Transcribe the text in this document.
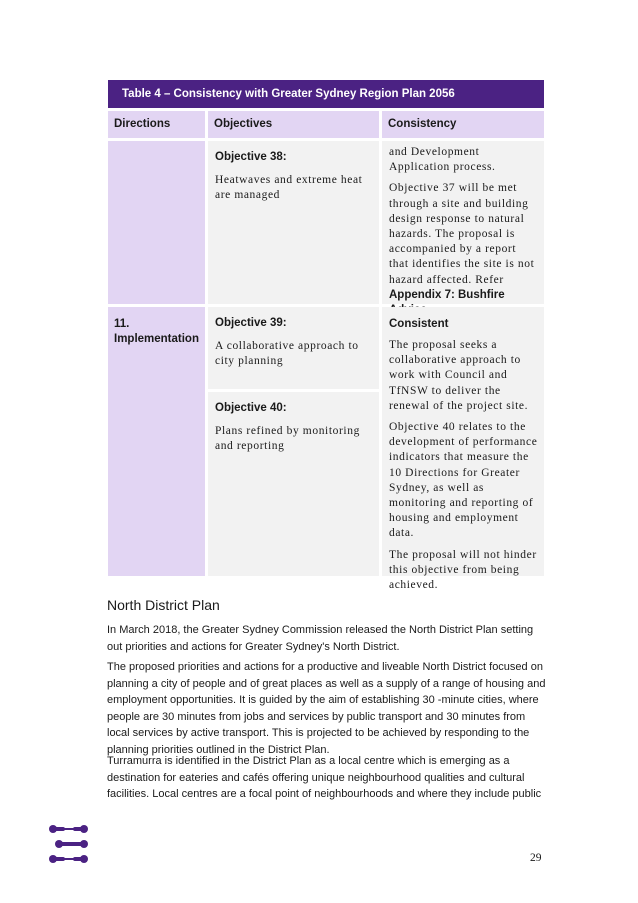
Table 4 – Consistency with Greater Sydney Region Plan 2056
Directions	Objectives	Consistency
Objective 38:
Heatwaves and extreme heat are managed

and Development Application process.

Objective 37 will be met through a site and building design response to natural hazards. The proposal is accompanied by a report that identifies the site is not hazard affected. Refer Appendix 7: Bushfire

11. Implementation
Objective 39:
A collaborative approach to city planning
Objective 40:
Plans refined by monitoring and reporting
Consistent

The proposal seeks a collaborative approach to work with Council and TfNSW to deliver the renewal of the project site.

Objective 40 relates to the development of performance indicators that measure the 10 Directions for Greater Sydney, as well as monitoring and reporting of housing and employment data.

The proposal will not hinder this objective from being achieved.

North District Plan
In March 2018, the Greater Sydney Commission released the North District Plan setting out priorities and actions for Greater Sydney's North District.
The proposed priorities and actions for a productive and liveable North District focused on planning a city of people and of great places as well as a supply of a range of housing and employment opportunities. It is guided by the aim of establishing 30 -minute cities, where people are 30 minutes from jobs and services by public transport and 30 minutes from local services by active transport. This is projected to be achieved by responding to the planning priorities outlined in the District Plan.
Turramurra is identified in the District Plan as a local centre which is emerging as a destination for eateries and cafés offering unique neighbourhood qualities and cultural facilities. Local centres are a focal point of neighbourhoods and where they include public
29
